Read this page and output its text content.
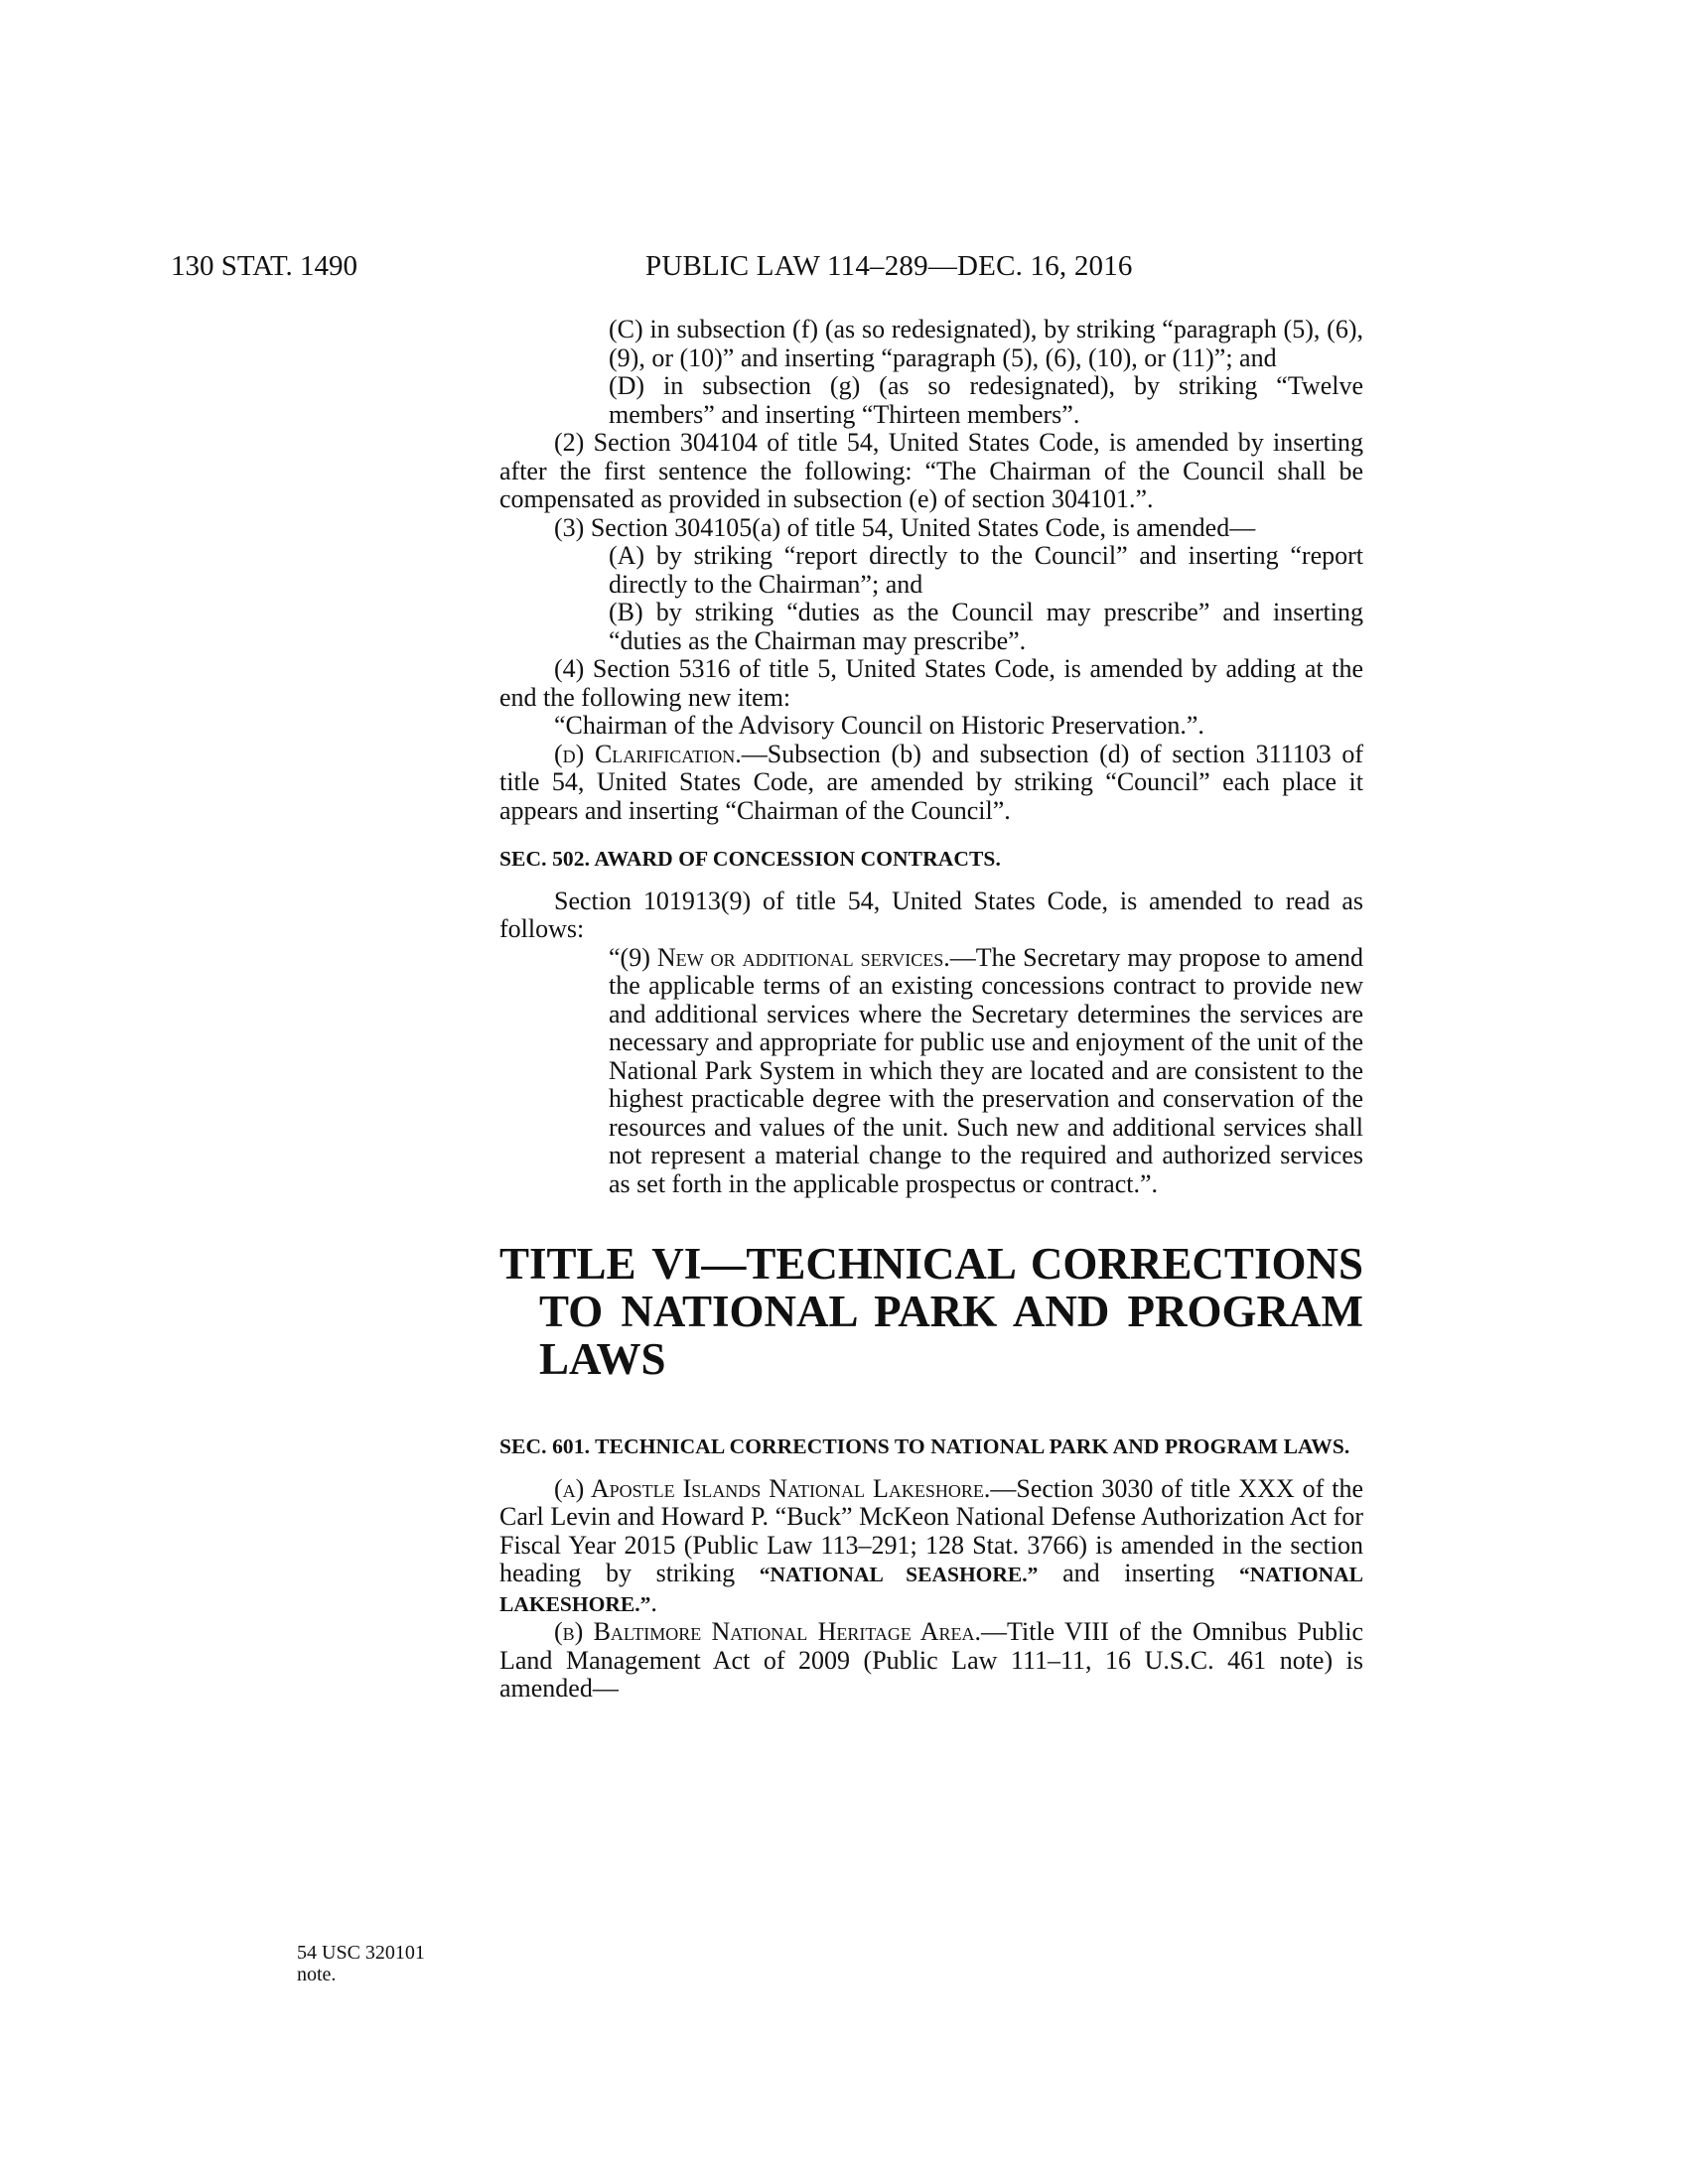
130 STAT. 1490	PUBLIC LAW 114–289—DEC. 16, 2016
54 USC 320101
note.

(C) in subsection (f) (as so redesignated), by striking “paragraph (5), (6), (9), or (10)” and inserting “paragraph (5), (6), (10), or (11)”; and

(D) in subsection (g) (as so redesignated), by striking “Twelve members” and inserting “Thirteen members”.

(2) Section 304104 of title 54, United States Code, is amended by inserting after the first sentence the following: “The Chairman of the Council shall be compensated as provided in subsection (e) of section 304101.”.

(3) Section 304105(a) of title 54, United States Code, is amended—

(A) by striking “report directly to the Council” and inserting “report directly to the Chairman”; and

(B) by striking “duties as the Council may prescribe” and inserting “duties as the Chairman may prescribe”.

(4) Section 5316 of title 5, United States Code, is amended by adding at the end the following new item:

“Chairman of the Advisory Council on Historic Preservation.”.

(d) Clarification.—Subsection (b) and subsection (d) of section 311103 of title 54, United States Code, are amended by striking “Council” each place it appears and inserting “Chairman of the Council”.

SEC. 502. AWARD OF CONCESSION CONTRACTS.

Section 101913(9) of title 54, United States Code, is amended to read as follows:

“(9) New or additional services.—The Secretary may propose to amend the applicable terms of an existing concessions contract to provide new and additional services where the Secretary determines the services are necessary and appropriate for public use and enjoyment of the unit of the National Park System in which they are located and are consistent to the highest practicable degree with the preservation and conservation of the resources and values of the unit. Such new and additional services shall not represent a material change to the required and authorized services as set forth in the applicable prospectus or contract.”.

TITLE VI—TECHNICAL CORRECTIONS TO NATIONAL PARK AND PROGRAM LAWS
SEC. 601. TECHNICAL CORRECTIONS TO NATIONAL PARK AND PROGRAM LAWS.

(a) Apostle Islands National Lakeshore.—Section 3030 of title XXX of the Carl Levin and Howard P. “Buck” McKeon National Defense Authorization Act for Fiscal Year 2015 (Public Law 113–291; 128 Stat. 3766) is amended in the section heading by striking “NATIONAL SEASHORE.” and inserting “NATIONAL LAKESHORE.”.

(b) Baltimore National Heritage Area.—Title VIII of the Omnibus Public Land Management Act of 2009 (Public Law 111–11, 16 U.S.C. 461 note) is amended—
